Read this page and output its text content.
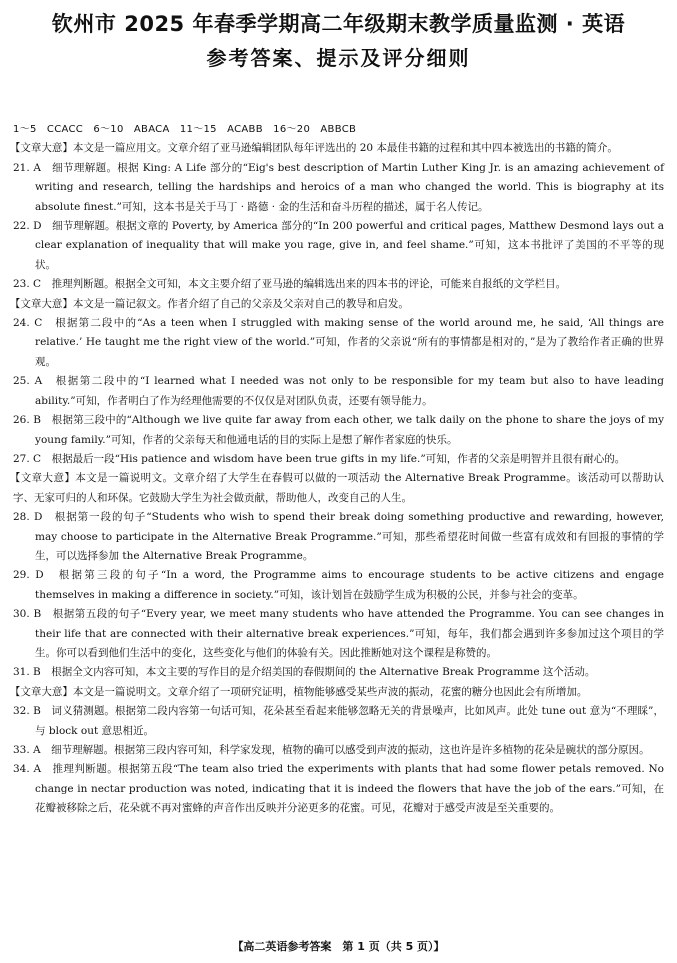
钦州市 2025 年春季学期高二年级期末教学质量监测 · 英语
参考答案、提示及评分细则

1～5　CCACC　6～10　ABACA　11～15　ACABB　16～20　ABBCB

【文章大意】本文是一篇应用文。文章介绍了亚马逊编辑团队每年评选出的 20 本最佳书籍的过程和其中四本被选出的书籍的简介。

21. A　细节理解题。根据 King: A Life 部分的“Eig's best description of Martin Luther King Jr. is an amazing achievement of writing and research, telling the hardships and heroics of a man who changed the world. This is biography at its absolute finest.”可知，这本书是关于马丁 · 路德 · 金的生活和奋斗历程的描述，属于名人传记。

22. D　细节理解题。根据文章的 Poverty, by America 部分的“In 200 powerful and critical pages, Matthew Desmond lays out a clear explanation of inequality that will make you rage, give in, and feel shame.”可知，这本书批评了美国的不平等的现状。

23. C　推理判断题。根据全文可知，本文主要介绍了亚马逊的编辑选出来的四本书的评论，可能来自报纸的文学栏目。

【文章大意】本文是一篇记叙文。作者介绍了自己的父亲及父亲对自己的教导和启发。

24. C　根据第二段中的“As a teen when I struggled with making sense of the world around me, he said, ‘All things are relative.’ He taught me the right view of the world.”可知，作者的父亲说“所有的事情都是相对的，”是为了教给作者正确的世界观。

25. A　根据第二段中的“I learned what I needed was not only to be responsible for my team but also to have leading ability.”可知，作者明白了作为经理他需要的不仅仅是对团队负责，还要有领导能力。

26. B　根据第三段中的“Although we live quite far away from each other, we talk daily on the phone to share the joys of my young family.”可知，作者的父亲每天和他通电话的目的实际上是想了解作者家庭的快乐。

27. C　根据最后一段“His patience and wisdom have been true gifts in my life.”可知，作者的父亲是明智并且很有耐心的。

【文章大意】本文是一篇说明文。文章介绍了大学生在春假可以做的一项活动 the Alternative Break Programme。该活动可以帮助认字、无家可归的人和环保。它鼓励大学生为社会做贡献，帮助他人，改变自己的人生。

28. D　根据第一段的句子“Students who wish to spend their break doing something productive and rewarding, however, may choose to participate in the Alternative Break Programme.”可知，那些希望花时间做一些富有成效和有回报的事情的学生，可以选择参加 the Alternative Break Programme。

29. D　根据第三段的句子“In a word, the Programme aims to encourage students to be active citizens and engage themselves in making a difference in society.”可知，该计划旨在鼓励学生成为积极的公民，并参与社会的变革。

30. B　根据第五段的句子“Every year, we meet many students who have attended the Programme. You can see changes in their life that are connected with their alternative break experiences.”可知，每年，我们都会遇到许多参加过这个项目的学生。你可以看到他们生活中的变化，这些变化与他们的体验有关。因此推断她对这个课程是称赞的。

31. B　根据全文内容可知，本文主要的写作目的是介绍美国的春假期间的 the Alternative Break Programme 这个活动。

【文章大意】本文是一篇说明文。文章介绍了一项研究证明，植物能够感受某些声波的振动，花蜜的糖分也因此会有所增加。

32. B　词义猜测题。根据第二段内容第一句话可知，花朵甚至看起来能够忽略无关的背景噪声，比如风声。此处 tune out 意为“不理睬”，与 block out 意思相近。

33. A　细节理解题。根据第三段内容可知，科学家发现，植物的确可以感受到声波的振动，这也许是许多植物的花朵是碗状的部分原因。

34. A　推理判断题。根据第五段“The team also tried the experiments with plants that had some flower petals removed. No change in nectar production was noted, indicating that it is indeed the flowers that have the job of the ears.”可知，在花瓣被移除之后，花朵就不再对蜜蜂的声音作出反映并分泌更多的花蜜。可见，花瓣对于感受声波是至关重要的。

【高二英语参考答案　第 1 页（共 5 页）】
